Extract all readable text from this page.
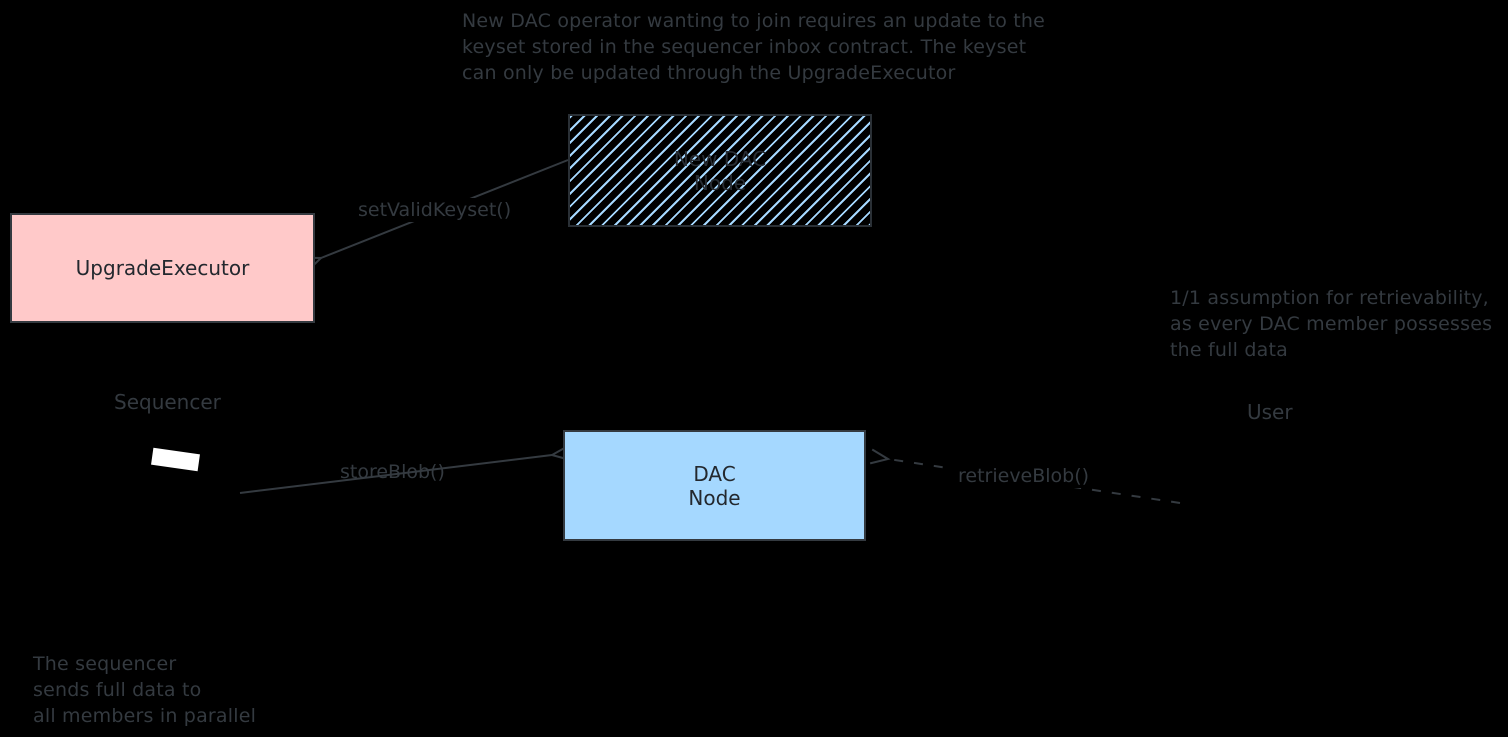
New DAC operator wanting to join requires an update to the
keyset stored in the sequencer inbox contract. The keyset
can only be updated through the UpgradeExecutor
1/1 assumption for retrievability,
as every DAC member possesses
the full data
The sequencer
sends full data to
all members in parallel
New DAC
Node
UpgradeExecutor
DAC
Node
Sequencer	User
setValidKeyset()
storeBlob()	retrieveBlob()
